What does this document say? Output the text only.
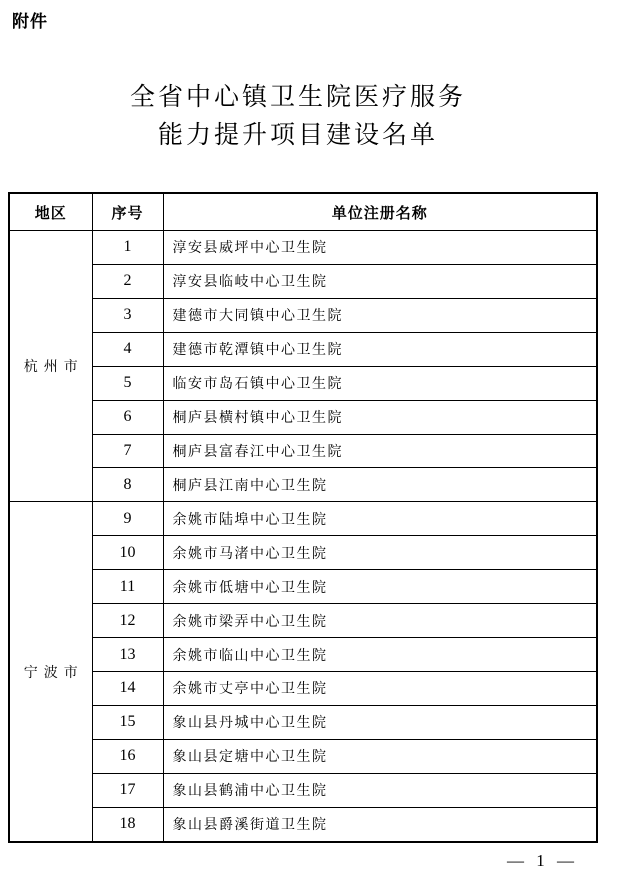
附件
全省中心镇卫生院医疗服务
能力提升项目建设名单
地区	序号	单位注册名称
杭州市	1	淳安县威坪中心卫生院
	2	淳安县临岐中心卫生院
	3	建德市大同镇中心卫生院
	4	建德市乾潭镇中心卫生院
	5	临安市岛石镇中心卫生院
	6	桐庐县横村镇中心卫生院
	7	桐庐县富春江中心卫生院
	8	桐庐县江南中心卫生院
宁波市	9	余姚市陆埠中心卫生院
	10	余姚市马渚中心卫生院
	11	余姚市低塘中心卫生院
	12	余姚市梁弄中心卫生院
	13	余姚市临山中心卫生院
	14	余姚市丈亭中心卫生院
	15	象山县丹城中心卫生院
	16	象山县定塘中心卫生院
	17	象山县鹤浦中心卫生院
	18	象山县爵溪街道卫生院
— 1 —
